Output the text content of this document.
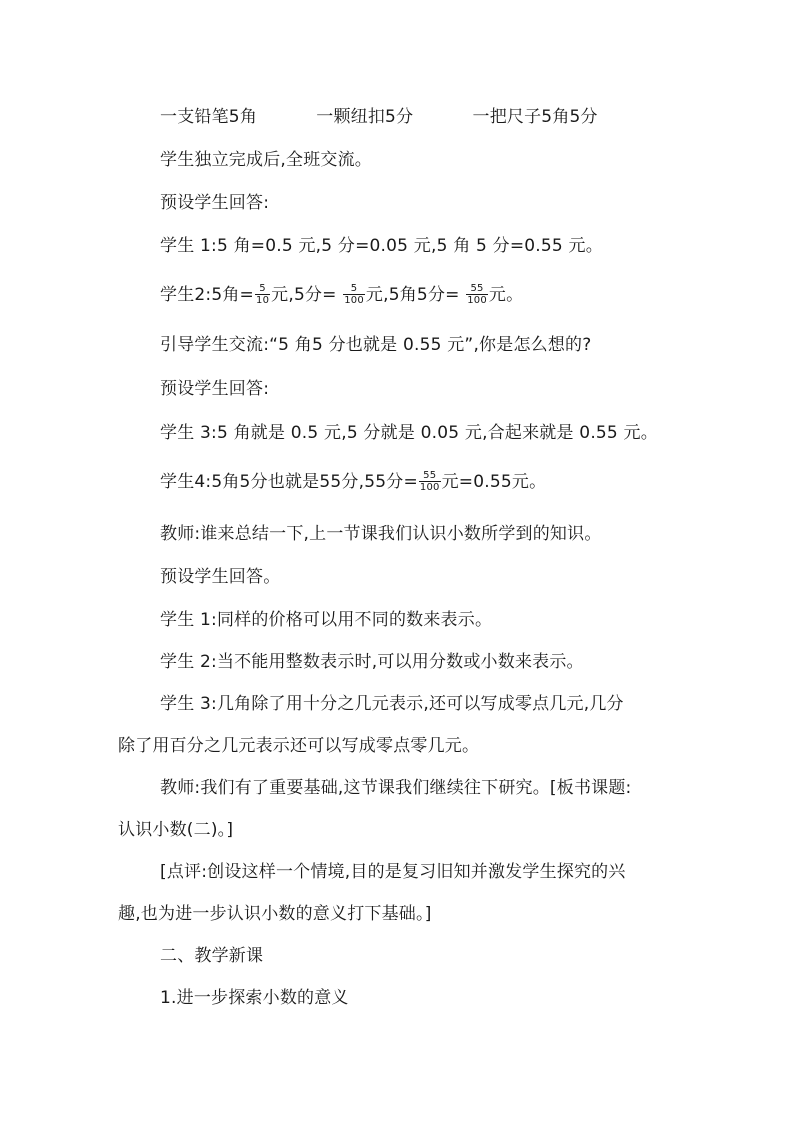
一支铅笔5角	一颗纽扣5分	一把尺子5角5分
学生独立完成后,全班交流。
预设学生回答:
学生 1:5 角=0.5 元,5 分=0.05 元,5 角 5 分=0.55 元。
学生2:5角= $\frac{5}{10}$ 元,5分= $\frac{5}{100}$ 元,5角5分= $\frac{55}{100}$ 元。
引导学生交流:“5 角5 分也就是 0.55 元”,你是怎么想的?
预设学生回答:
学生 3:5 角就是 0.5 元,5 分就是 0.05 元,合起来就是 0.55 元。
学生4:5角5分也就是55分,55分= $\frac{55}{100}$ 元=0.55元。
教师:谁来总结一下,上一节课我们认识小数所学到的知识。
预设学生回答。
学生 1:同样的价格可以用不同的数来表示。
学生 2:当不能用整数表示时,可以用分数或小数来表示。
学生 3:几角除了用十分之几元表示,还可以写成零点几元,几分
除了用百分之几元表示还可以写成零点零几元。
教师:我们有了重要基础,这节课我们继续往下研究。[板书课题:
认识小数(二)。]
[点评:创设这样一个情境,目的是复习旧知并激发学生探究的兴
趣,也为进一步认识小数的意义打下基础。]
二、教学新课
1.进一步探索小数的意义
